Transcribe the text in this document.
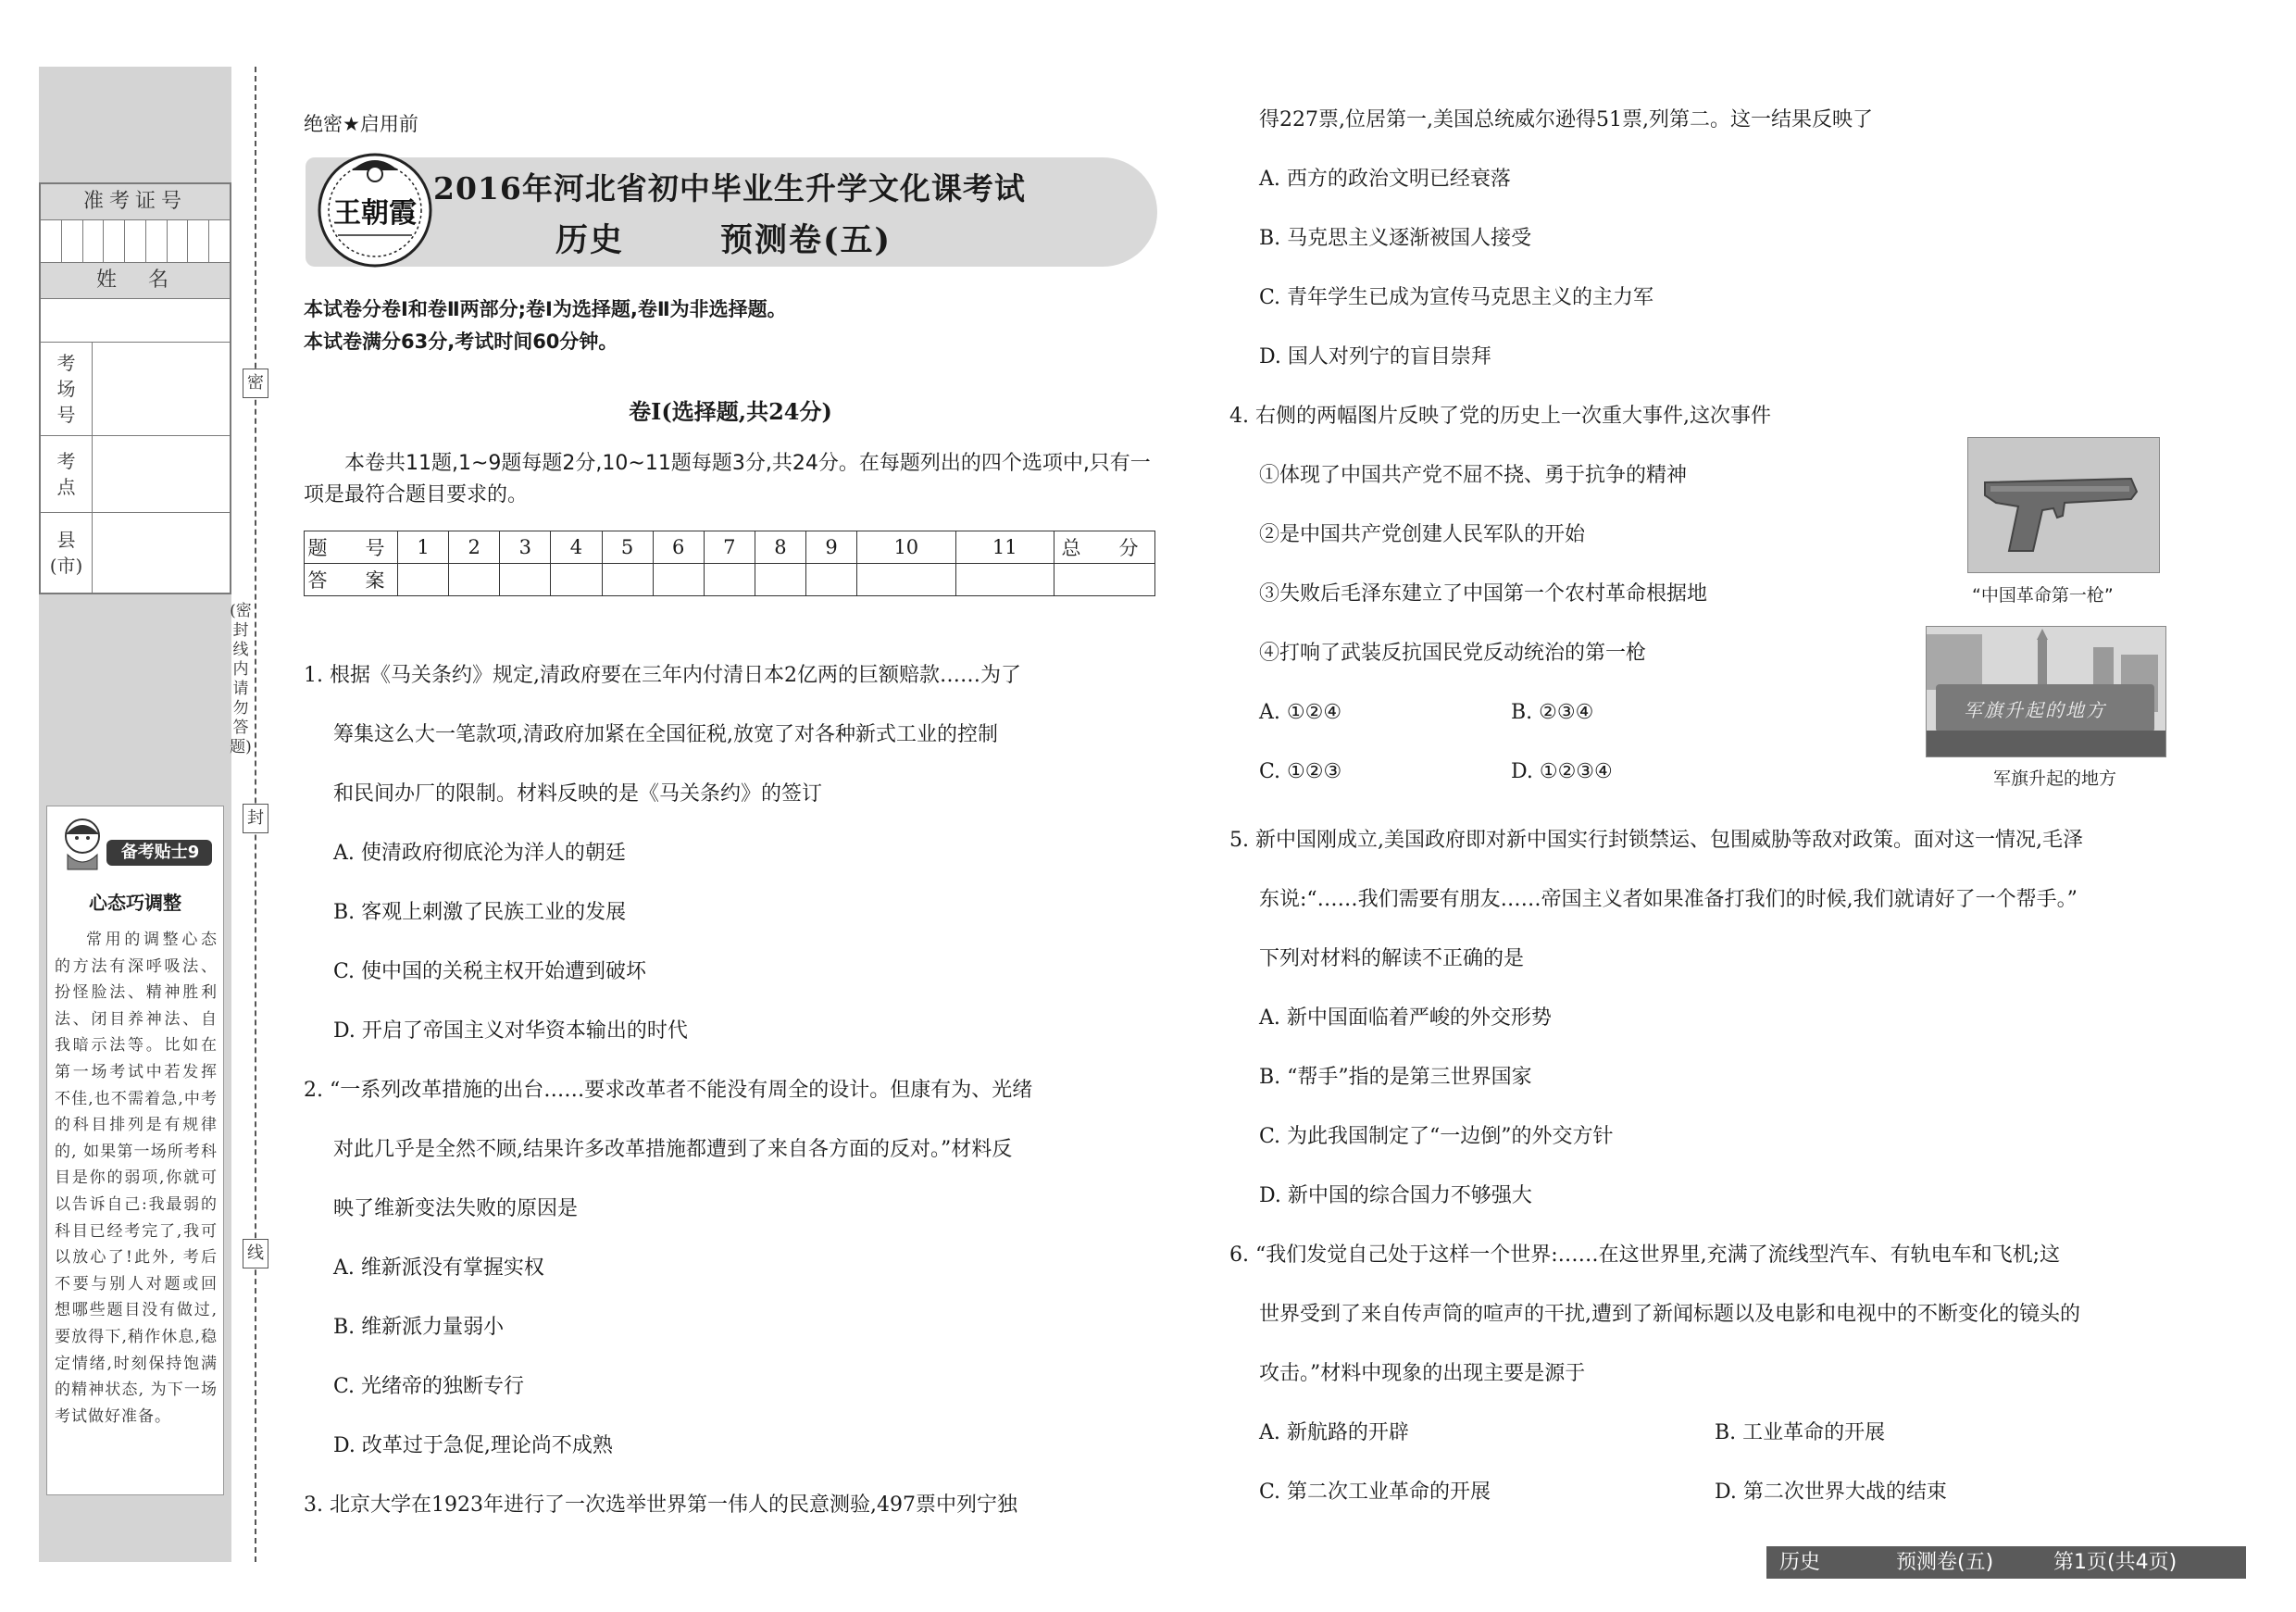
准考证号
姓　名
考
场
号
考
点
县
(市)
密
封
线
(密封线内请勿答题)
备考贴士9
心态巧调整
常用的调整心态的方法有深呼吸法、扮怪脸法、精神胜利法、闭目养神法、自我暗示法等。比如在第一场考试中若发挥不佳,也不需着急,中考的科目排列是有规律的, 如果第一场所考科目是你的弱项,你就可以告诉自己:我最弱的科目已经考完了,我可以放心了!此外, 考后不要与别人对题或回想哪些题目没有做过,要放得下,稍作休息,稳定情绪,时刻保持饱满的精神状态, 为下一场考试做好准备。
绝密★启用前
王朝霞
2016年河北省初中毕业生升学文化课考试
历史	预测卷(五)
本试卷分卷Ⅰ和卷Ⅱ两部分;卷Ⅰ为选择题,卷Ⅱ为非选择题。
本试卷满分63分,考试时间60分钟。
卷Ⅰ(选择题,共24分)
本卷共11题,1~9题每题2分,10~11题每题3分,共24分。在每题列出的四个选项中,只有一项是最符合题目要求的。
题　号	1	2	3	4	5	6	7	8	9	10	11	总　分
答　案												
1. 根据《马关条约》规定,清政府要在三年内付清日本2亿两的巨额赔款……为了
筹集这么大一笔款项,清政府加紧在全国征税,放宽了对各种新式工业的控制
和民间办厂的限制。材料反映的是《马关条约》的签订
A. 使清政府彻底沦为洋人的朝廷
B. 客观上刺激了民族工业的发展
C. 使中国的关税主权开始遭到破坏
D. 开启了帝国主义对华资本输出的时代
2. “一系列改革措施的出台……要求改革者不能没有周全的设计。但康有为、光绪
对此几乎是全然不顾,结果许多改革措施都遭到了来自各方面的反对。”材料反
映了维新变法失败的原因是
A. 维新派没有掌握实权
B. 维新派力量弱小
C. 光绪帝的独断专行
D. 改革过于急促,理论尚不成熟
3. 北京大学在1923年进行了一次选举世界第一伟人的民意测验,497票中列宁独
得227票,位居第一,美国总统威尔逊得51票,列第二。这一结果反映了
A. 西方的政治文明已经衰落
B. 马克思主义逐渐被国人接受
C. 青年学生已成为宣传马克思主义的主力军
D. 国人对列宁的盲目崇拜
4. 右侧的两幅图片反映了党的历史上一次重大事件,这次事件
①体现了中国共产党不屈不挠、勇于抗争的精神
②是中国共产党创建人民军队的开始
③失败后毛泽东建立了中国第一个农村革命根据地
④打响了武装反抗国民党反动统治的第一枪
A. ①②④	B. ②③④
C. ①②③	D. ①②③④
“中国革命第一枪”
军旗升起的地方
军旗升起的地方
5. 新中国刚成立,美国政府即对新中国实行封锁禁运、包围威胁等敌对政策。面对这一情况,毛泽
东说:“……我们需要有朋友……帝国主义者如果准备打我们的时候,我们就请好了一个帮手。”
下列对材料的解读不正确的是
A. 新中国面临着严峻的外交形势
B. “帮手”指的是第三世界国家
C. 为此我国制定了“一边倒”的外交方针
D. 新中国的综合国力不够强大
6. “我们发觉自己处于这样一个世界:……在这世界里,充满了流线型汽车、有轨电车和飞机;这
世界受到了来自传声筒的喧声的干扰,遭到了新闻标题以及电影和电视中的不断变化的镜头的
攻击。”材料中现象的出现主要是源于
A. 新航路的开辟	B. 工业革命的开展
C. 第二次工业革命的开展	D. 第二次世界大战的结束
历史	预测卷(五)	第1页(共4页)
